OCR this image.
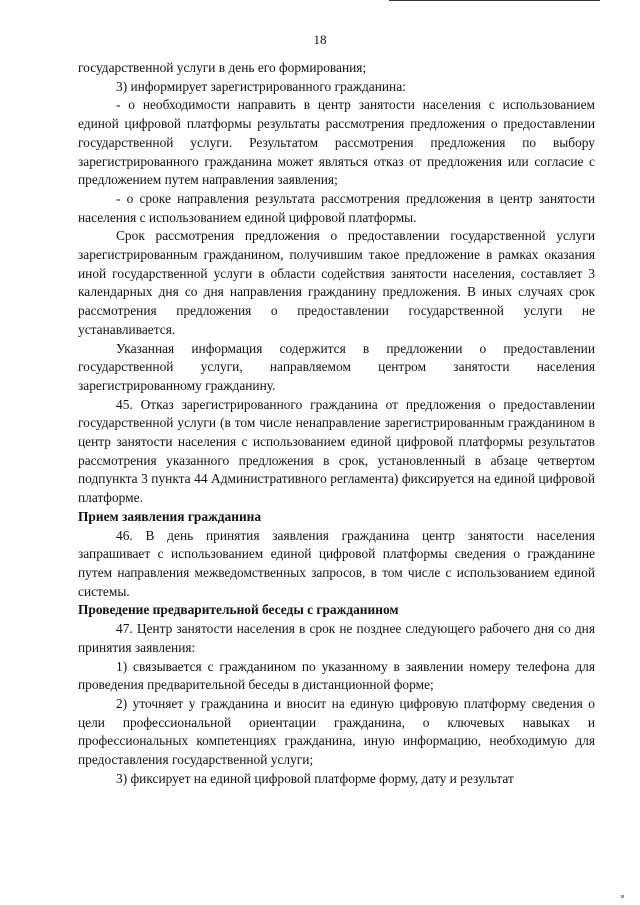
18

государственной услуги в день его формирования;

3) информирует зарегистрированного гражданина:

- о необходимости направить в центр занятости населения с использованием единой цифровой платформы результаты рассмотрения предложения о предоставлении государственной услуги. Результатом рассмотрения предложения по выбору зарегистрированного гражданина может являться отказ от предложения или согласие с предложением путем направления заявления;

- о сроке направления результата рассмотрения предложения в центр занятости населения с использованием единой цифровой платформы.

Срок рассмотрения предложения о предоставлении государственной услуги зарегистрированным гражданином, получившим такое предложение в рамках оказания иной государственной услуги в области содействия занятости населения, составляет 3 календарных дня со дня направления гражданину предложения. В иных случаях срок рассмотрения предложения о предоставлении государственной услуги не устанавливается.

Указанная информация содержится в предложении о предоставлении государственной услуги, направляемом центром занятости населения зарегистрированному гражданину.

45. Отказ зарегистрированного гражданина от предложения о предоставлении государственной услуги (в том числе ненаправление зарегистрированным гражданином в центр занятости населения с использованием единой цифровой платформы результатов рассмотрения указанного предложения в срок, установленный в абзаце четвертом подпункта 3 пункта 44 Административного регламента) фиксируется на единой цифровой платформе.

Прием заявления гражданина

46. В день принятия заявления гражданина центр занятости населения запрашивает с использованием единой цифровой платформы сведения о гражданине путем направления межведомственных запросов, в том числе с использованием единой системы.

Проведение предварительной беседы с гражданином

47. Центр занятости населения в срок не позднее следующего рабочего дня со дня принятия заявления:

1) связывается с гражданином по указанному в заявлении номеру телефона для проведения предварительной беседы в дистанционной форме;

2) уточняет у гражданина и вносит на единую цифровую платформу сведения о цели профессиональной ориентации гражданина, о ключевых навыках и профессиональных компетенциях гражданина, иную информацию, необходимую для предоставления государственной услуги;

3) фиксирует на единой цифровой платформе форму, дату и результат
